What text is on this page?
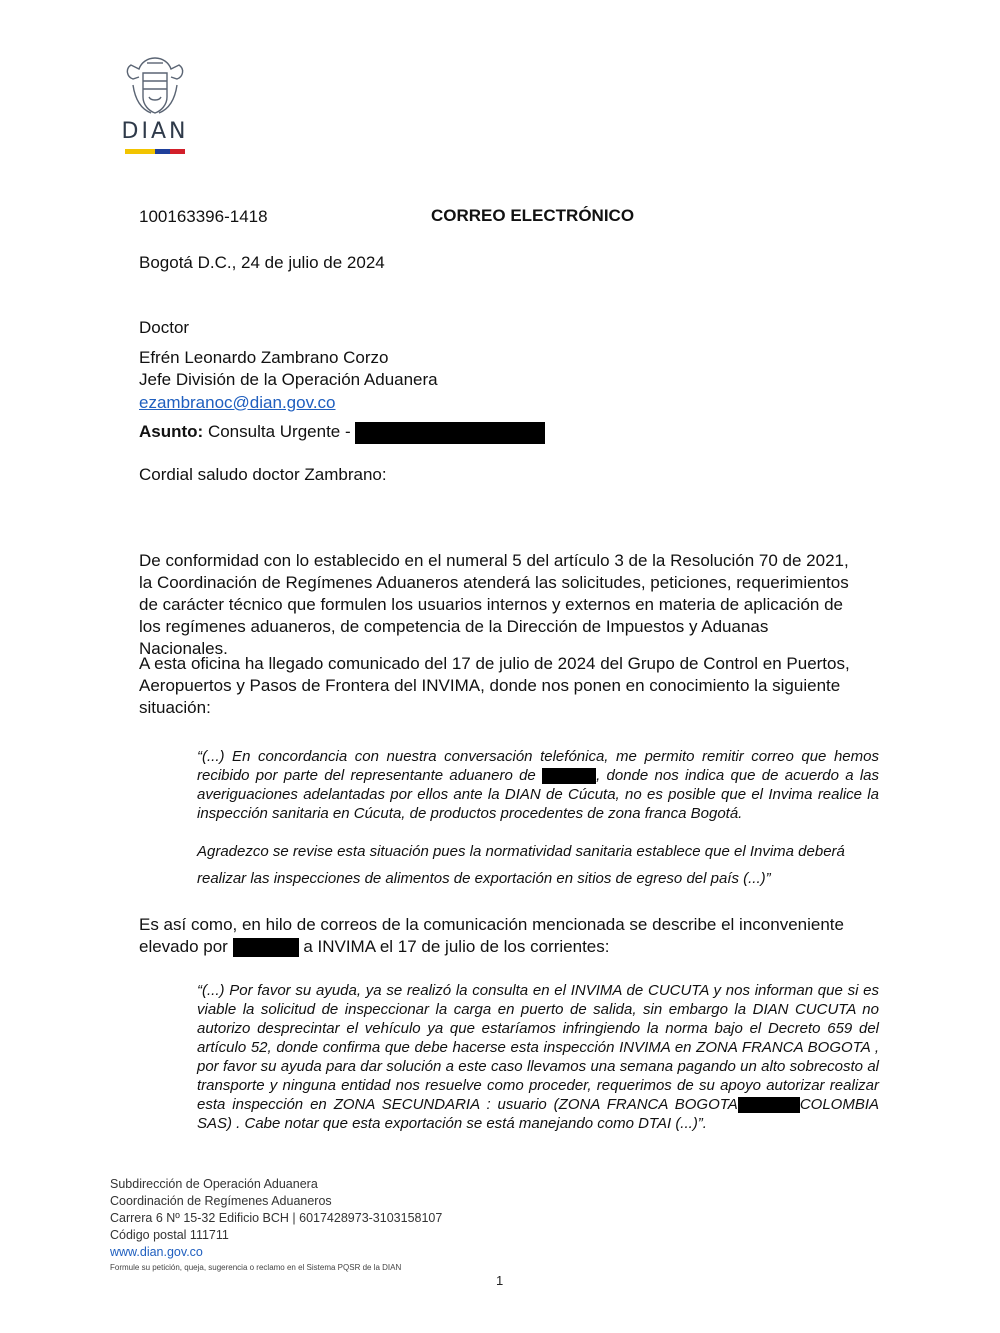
DIAN
100163396-1418	CORREO ELECTRÓNICO
Bogotá D.C., 24 de julio de 2024
Doctor
Efrén Leonardo Zambrano Corzo
Jefe División de la Operación Aduanera
ezambranoc@dian.gov.co
Asunto: Consulta Urgente -
Cordial saludo doctor Zambrano:
De conformidad con lo establecido en el numeral 5 del artículo 3 de la Resolución 70 de 2021, la Coordinación de Regímenes Aduaneros atenderá las solicitudes, peticiones, requerimientos de carácter técnico que formulen los usuarios internos y externos en materia de aplicación de los regímenes aduaneros, de competencia de la Dirección de Impuestos y Aduanas Nacionales.
A esta oficina ha llegado comunicado del 17 de julio de 2024 del Grupo de Control en Puertos, Aeropuertos y Pasos de Frontera del INVIMA, donde nos ponen en conocimiento la siguiente situación:
“(...) En concordancia con nuestra conversación telefónica, me permito remitir correo que hemos recibido por parte del representante aduanero de	, donde nos indica que de acuerdo a las averiguaciones adelantadas por ellos ante la DIAN de Cúcuta, no es posible que el Invima realice la inspección sanitaria en Cúcuta, de productos procedentes de zona franca Bogotá.
Agradezco se revise esta situación pues la normatividad sanitaria establece que el Invima deberá realizar las inspecciones de alimentos de exportación en sitios de egreso del país (...)”
Es así como, en hilo de correos de la comunicación mencionada se describe el inconveniente elevado por	a INVIMA el 17 de julio de los corrientes:
“(...) Por favor su ayuda, ya se realizó la consulta en el INVIMA de CUCUTA y nos informan que si es viable la solicitud de inspeccionar la carga en puerto de salida, sin embargo la DIAN CUCUTA no autorizo desprecintar el vehículo ya que estaríamos infringiendo la norma bajo el Decreto 659 del artículo 52, donde confirma que debe hacerse esta inspección INVIMA en ZONA FRANCA BOGOTA , por favor su ayuda para dar solución a este caso llevamos una semana pagando un alto sobrecosto al transporte y ninguna entidad nos resuelve como proceder, requerimos de su apoyo autorizar realizar esta inspección en ZONA SECUNDARIA : usuario (ZONA FRANCA BOGOTA	COLOMBIA SAS) . Cabe notar que esta exportación se está manejando como DTAI (...)”.
Subdirección de Operación Aduanera
Coordinación de Regímenes Aduaneros
Carrera 6 Nº 15-32 Edificio BCH | 6017428973-3103158107
Código postal 111711
www.dian.gov.co
Formule su petición, queja, sugerencia o reclamo en el Sistema PQSR de la DIAN
1
